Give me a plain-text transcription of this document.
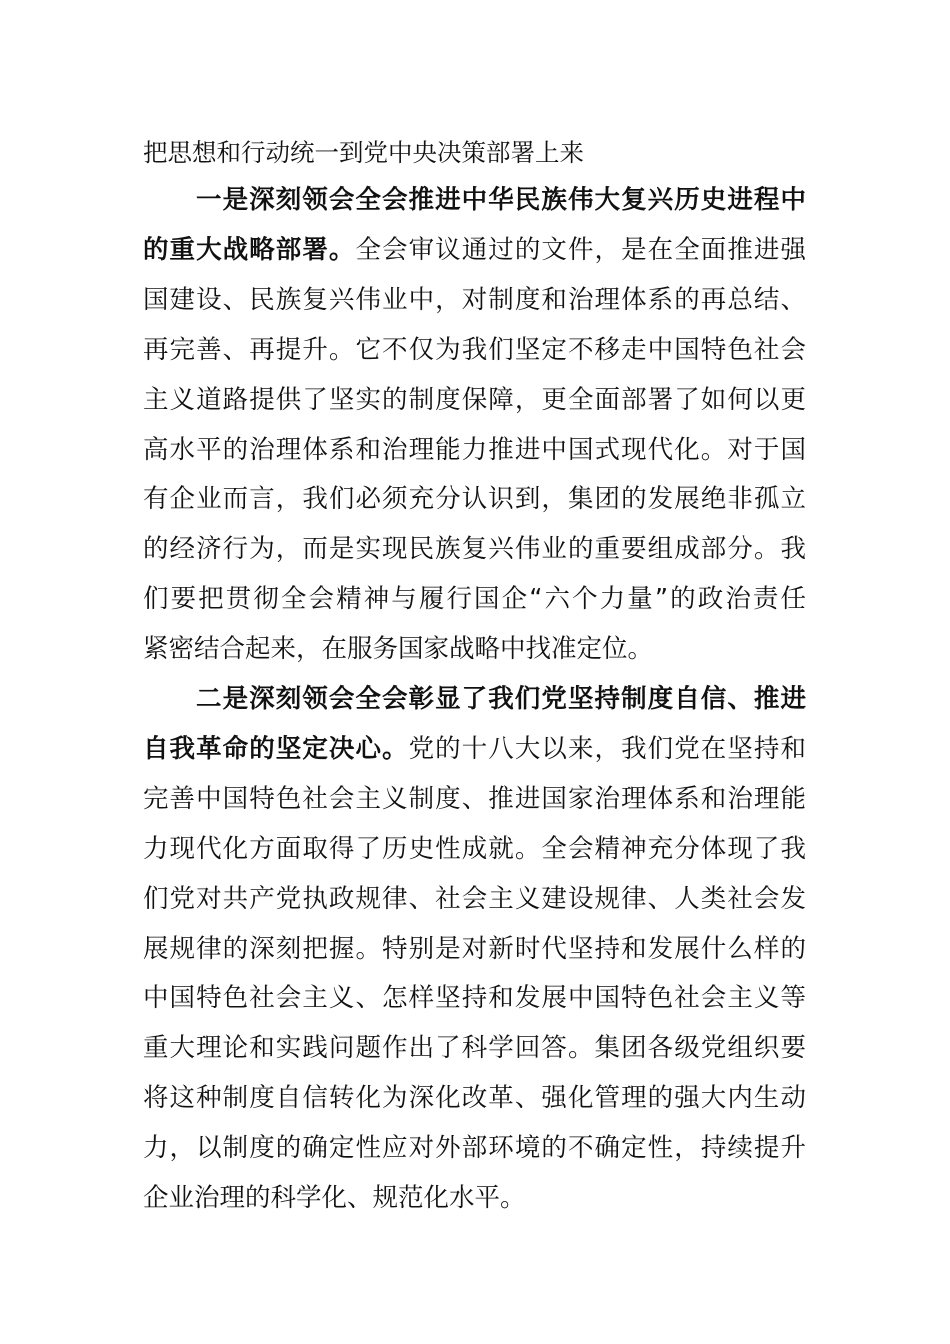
把思想和行动统一到党中央决策部署上来
一是深刻领会全会推进中华民族伟大复兴历史进程中
的重大战略部署。全会审议通过的文件，是在全面推进强
国建设、民族复兴伟业中，对制度和治理体系的再总结、
再完善、再提升。它不仅为我们坚定不移走中国特色社会
主义道路提供了坚实的制度保障，更全面部署了如何以更
高水平的治理体系和治理能力推进中国式现代化。对于国
有企业而言，我们必须充分认识到，集团的发展绝非孤立
的经济行为，而是实现民族复兴伟业的重要组成部分。我
们要把贯彻全会精神与履行国企“六个力量”的政治责任
紧密结合起来，在服务国家战略中找准定位。
二是深刻领会全会彰显了我们党坚持制度自信、推进
自我革命的坚定决心。党的十八大以来，我们党在坚持和
完善中国特色社会主义制度、推进国家治理体系和治理能
力现代化方面取得了历史性成就。全会精神充分体现了我
们党对共产党执政规律、社会主义建设规律、人类社会发
展规律的深刻把握。特别是对新时代坚持和发展什么样的
中国特色社会主义、怎样坚持和发展中国特色社会主义等
重大理论和实践问题作出了科学回答。集团各级党组织要
将这种制度自信转化为深化改革、强化管理的强大内生动
力，以制度的确定性应对外部环境的不确定性，持续提升
企业治理的科学化、规范化水平。
